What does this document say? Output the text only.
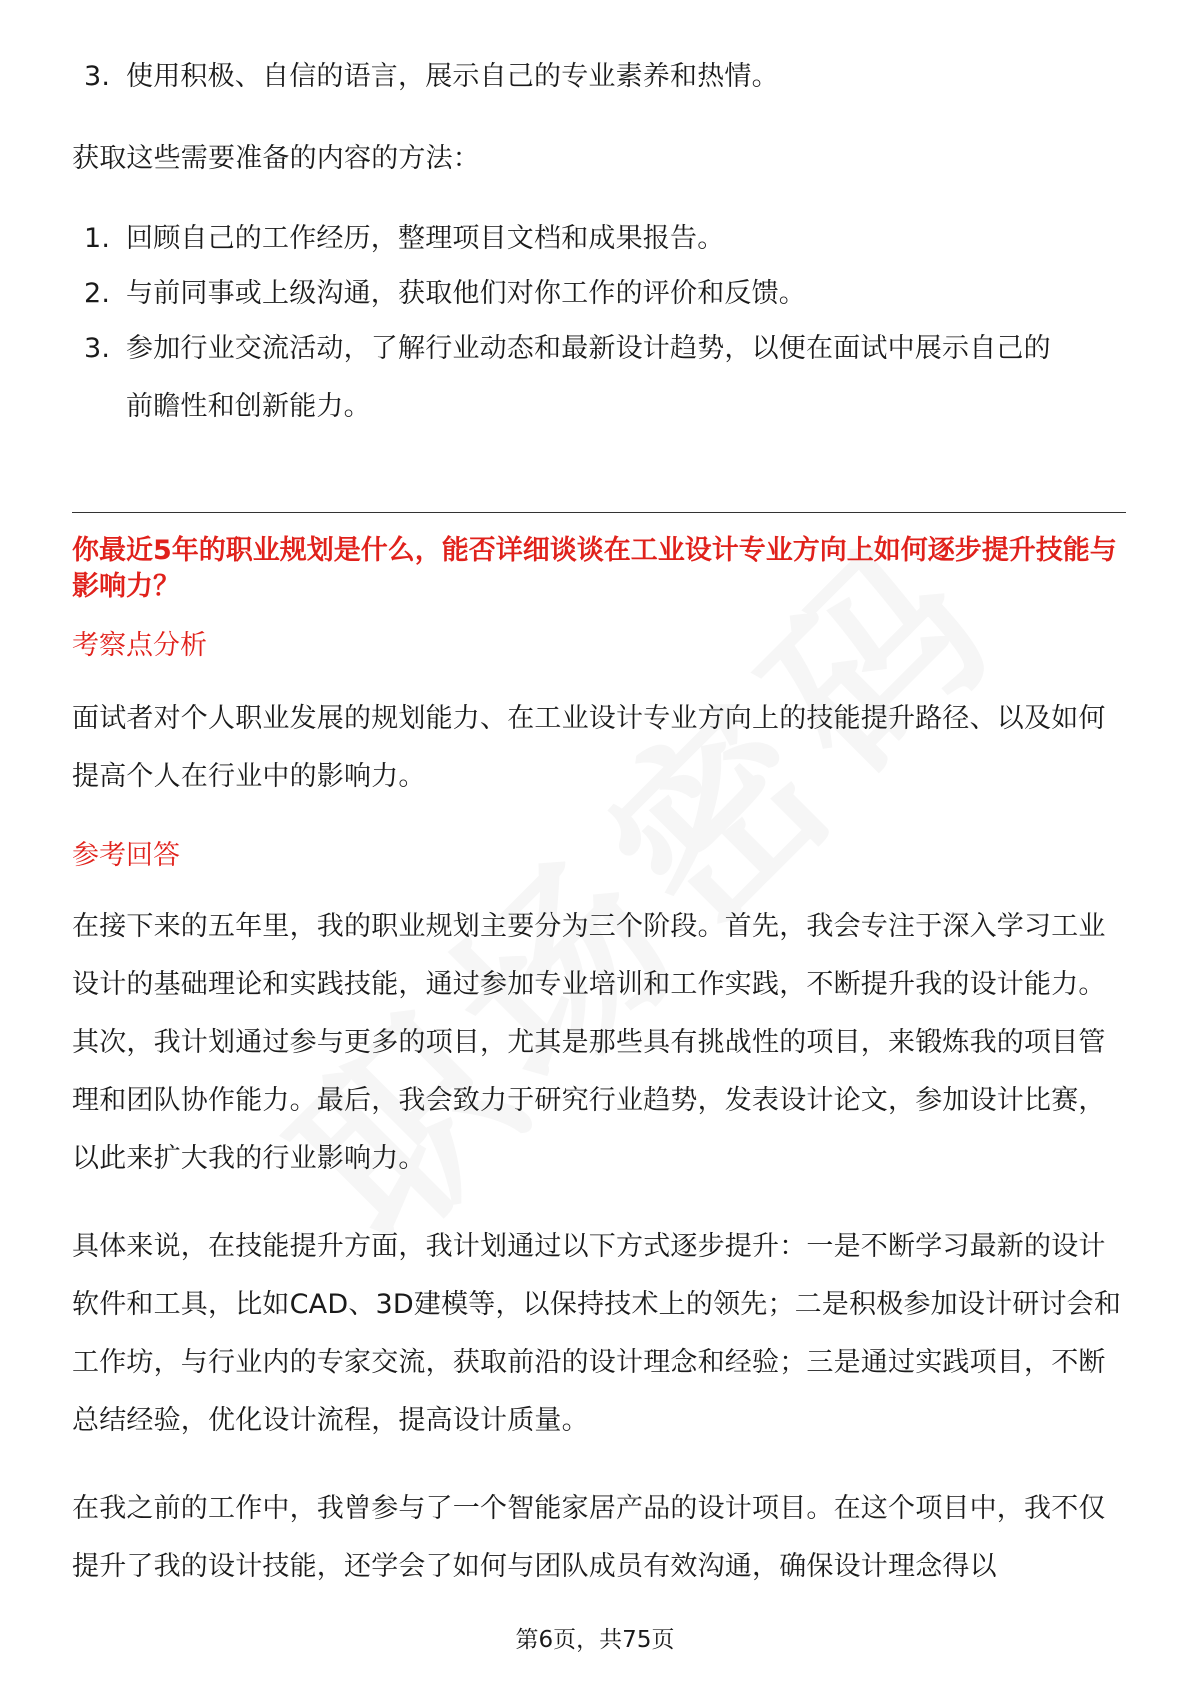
3. 使用积极、自信的语言，展示自己的专业素养和热情。
获取这些需要准备的内容的方法：
1. 回顾自己的工作经历，整理项目文档和成果报告。
2. 与前同事或上级沟通，获取他们对你工作的评价和反馈。
3. 参加行业交流活动，了解行业动态和最新设计趋势，以便在面试中展示自己的前瞻性和创新能力。
你最近5年的职业规划是什么，能否详细谈谈在工业设计专业方向上如何逐步提升技能与影响力？
考察点分析
面试者对个人职业发展的规划能力、在工业设计专业方向上的技能提升路径、以及如何提高个人在行业中的影响力。
参考回答
在接下来的五年里，我的职业规划主要分为三个阶段。首先，我会专注于深入学习工业设计的基础理论和实践技能，通过参加专业培训和工作实践，不断提升我的设计能力。其次，我计划通过参与更多的项目，尤其是那些具有挑战性的项目，来锻炼我的项目管理和团队协作能力。最后，我会致力于研究行业趋势，发表设计论文，参加设计比赛，以此来扩大我的行业影响力。
具体来说，在技能提升方面，我计划通过以下方式逐步提升：一是不断学习最新的设计软件和工具，比如CAD、3D建模等，以保持技术上的领先；二是积极参加设计研讨会和工作坊，与行业内的专家交流，获取前沿的设计理念和经验；三是通过实践项目，不断总结经验，优化设计流程，提高设计质量。
在我之前的工作中，我曾参与了一个智能家居产品的设计项目。在这个项目中，我不仅提升了我的设计技能，还学会了如何与团队成员有效沟通，确保设计理念得以
第6页，共75页
